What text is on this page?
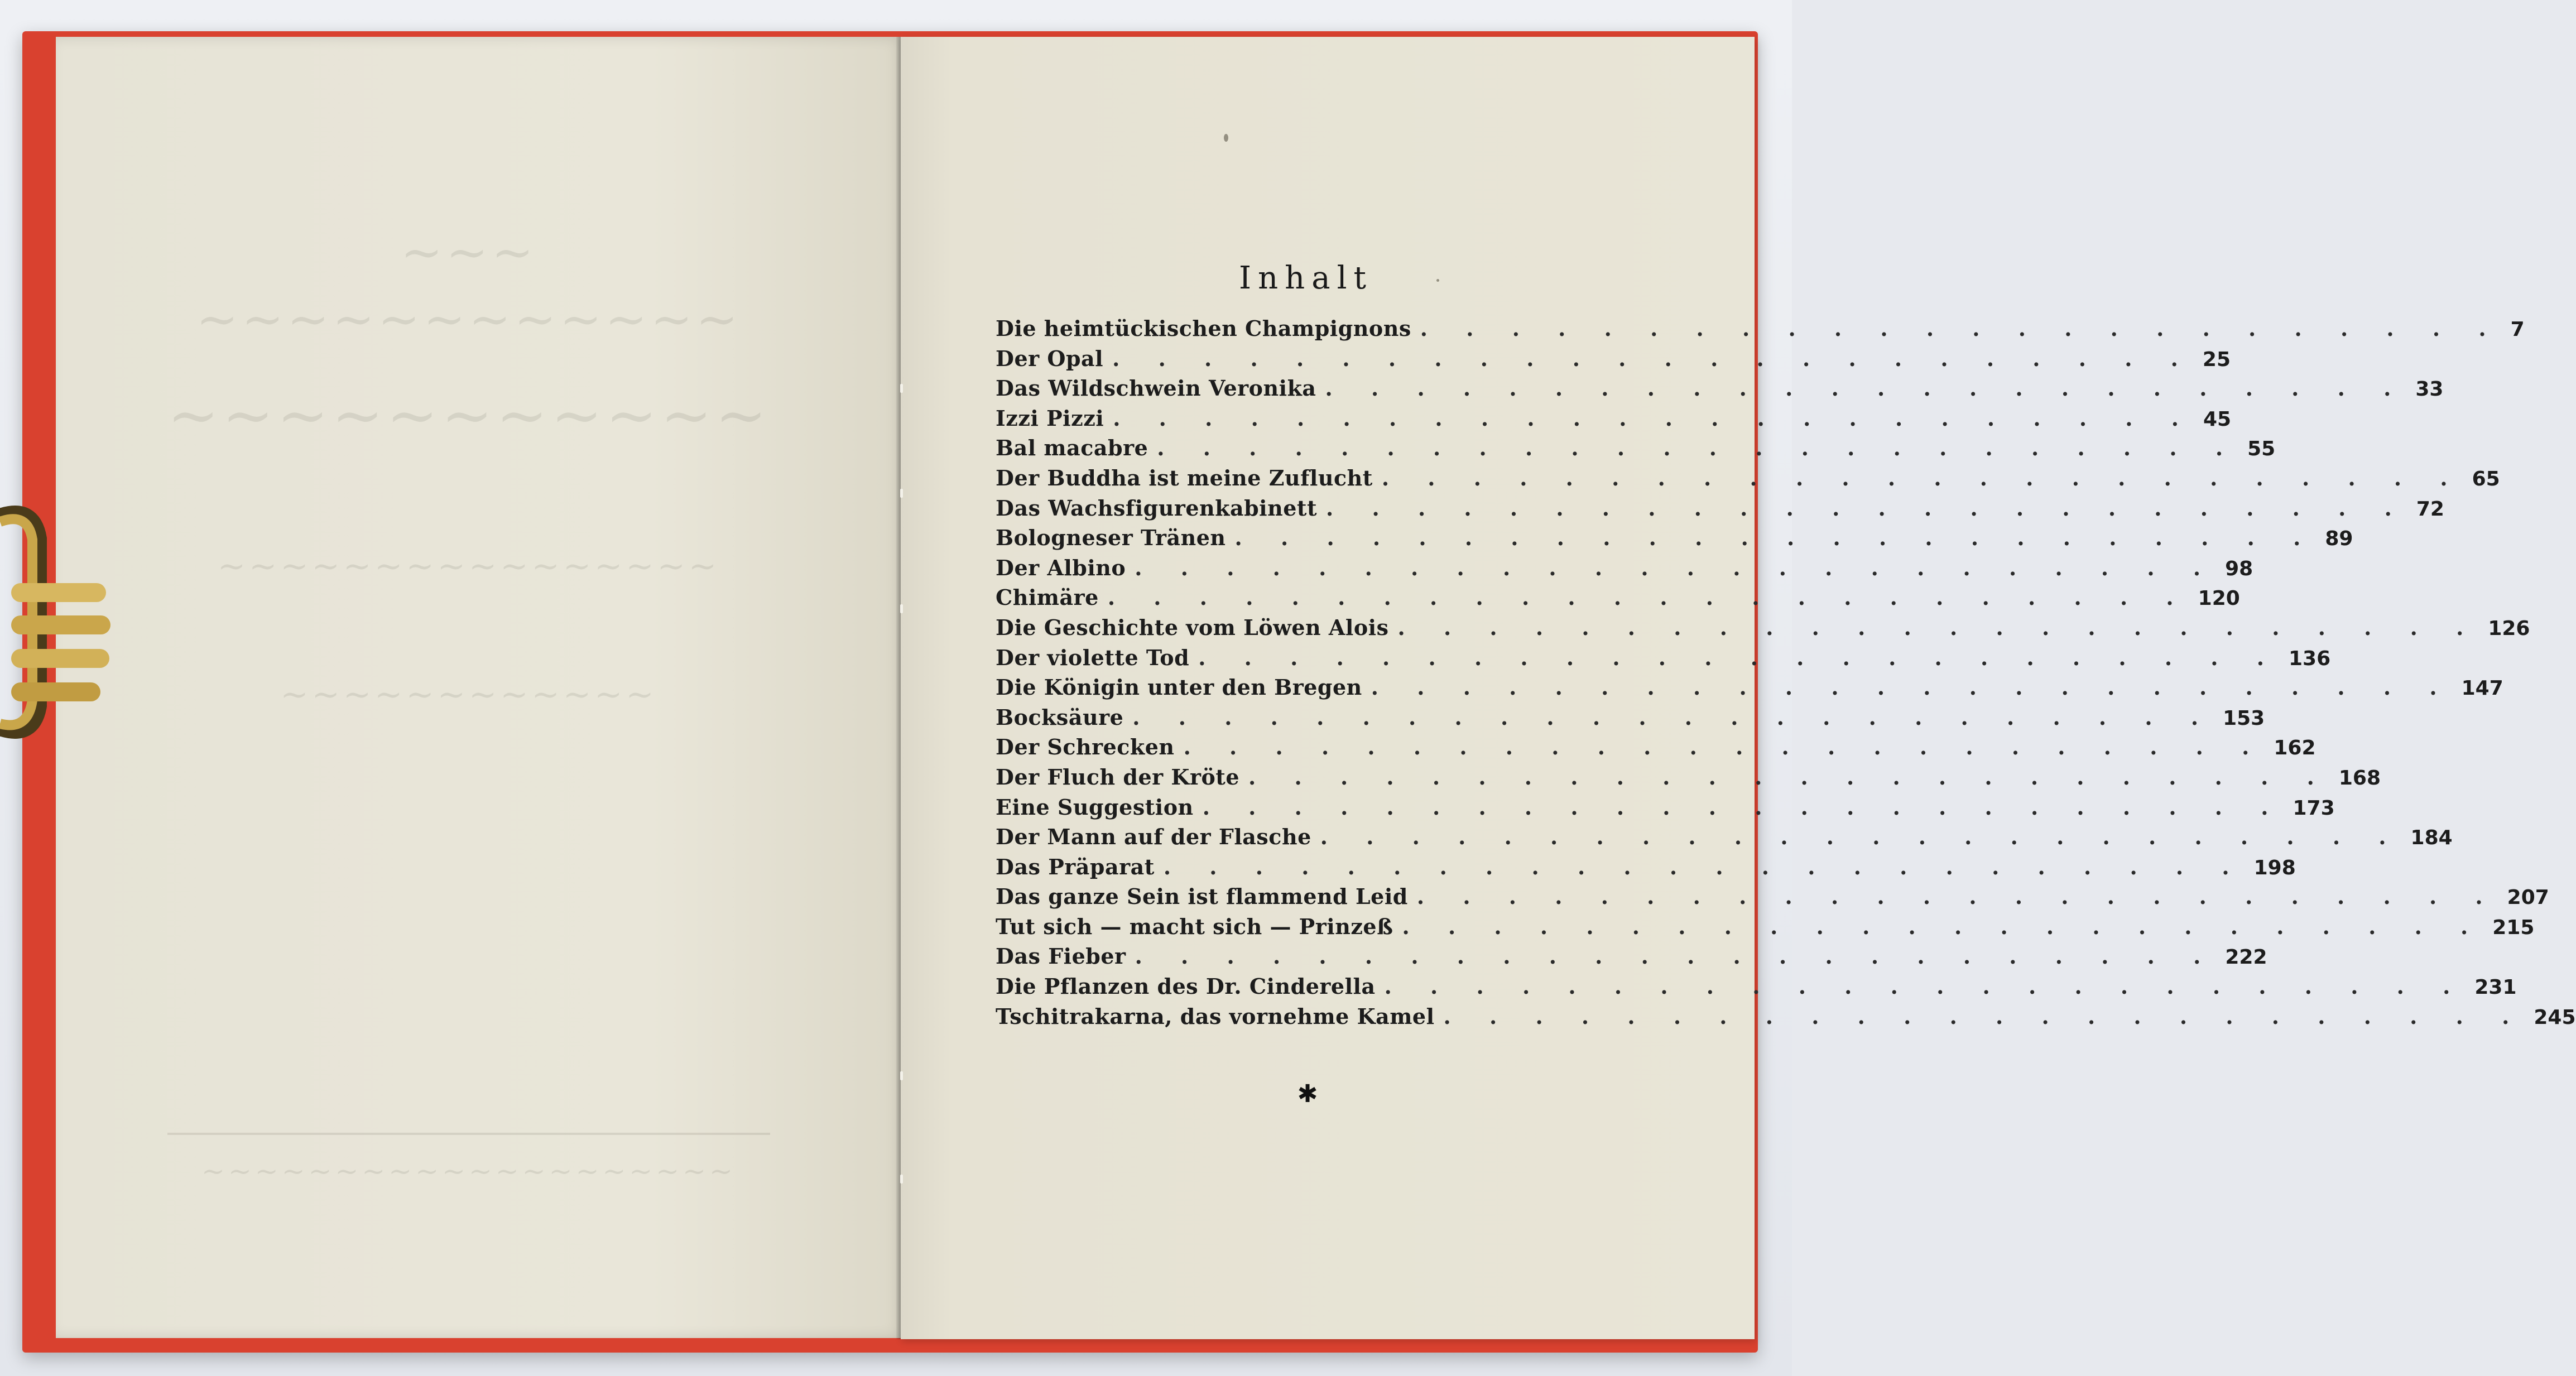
~~~
~~~~~~~~~~~~
~~~~~~~~~~~
~~~~~~~~~~~~~~~~
~~~~~~~~~~~~
~~~~~~~~~~~~~~~~~~~~
Inhalt
Die heimtückischen Champignons . . . . . . . . . . . . . . . . . . . . . . . . 7
Der Opal . . . . . . . . . . . . . . . . . . . . . . . . 25
Das Wildschwein Veronika . . . . . . . . . . . . . . . . . . . . . . . . 33
Izzi Pizzi . . . . . . . . . . . . . . . . . . . . . . . . 45
Bal macabre . . . . . . . . . . . . . . . . . . . . . . . . 55
Der Buddha ist meine Zuflucht . . . . . . . . . . . . . . . . . . . . . . . . 65
Das Wachsfigurenkabinett . . . . . . . . . . . . . . . . . . . . . . . . 72
Bologneser Tränen . . . . . . . . . . . . . . . . . . . . . . . . 89
Der Albino . . . . . . . . . . . . . . . . . . . . . . . . 98
Chimäre . . . . . . . . . . . . . . . . . . . . . . . . 120
Die Geschichte vom Löwen Alois . . . . . . . . . . . . . . . . . . . . . . . . 126
Der violette Tod . . . . . . . . . . . . . . . . . . . . . . . . 136
Die Königin unter den Bregen . . . . . . . . . . . . . . . . . . . . . . . . 147
Bocksäure . . . . . . . . . . . . . . . . . . . . . . . . 153
Der Schrecken . . . . . . . . . . . . . . . . . . . . . . . . 162
Der Fluch der Kröte . . . . . . . . . . . . . . . . . . . . . . . . 168
Eine Suggestion . . . . . . . . . . . . . . . . . . . . . . . . 173
Der Mann auf der Flasche . . . . . . . . . . . . . . . . . . . . . . . . 184
Das Präparat . . . . . . . . . . . . . . . . . . . . . . . . 198
Das ganze Sein ist flammend Leid . . . . . . . . . . . . . . . . . . . . . . . . 207
Tut sich — macht sich — Prinzeß . . . . . . . . . . . . . . . . . . . . . . . . 215
Das Fieber . . . . . . . . . . . . . . . . . . . . . . . . 222
Die Pflanzen des Dr. Cinderella . . . . . . . . . . . . . . . . . . . . . . . . 231
Tschitrakarna, das vornehme Kamel . . . . . . . . . . . . . . . . . . . . . . . . 245
✱
